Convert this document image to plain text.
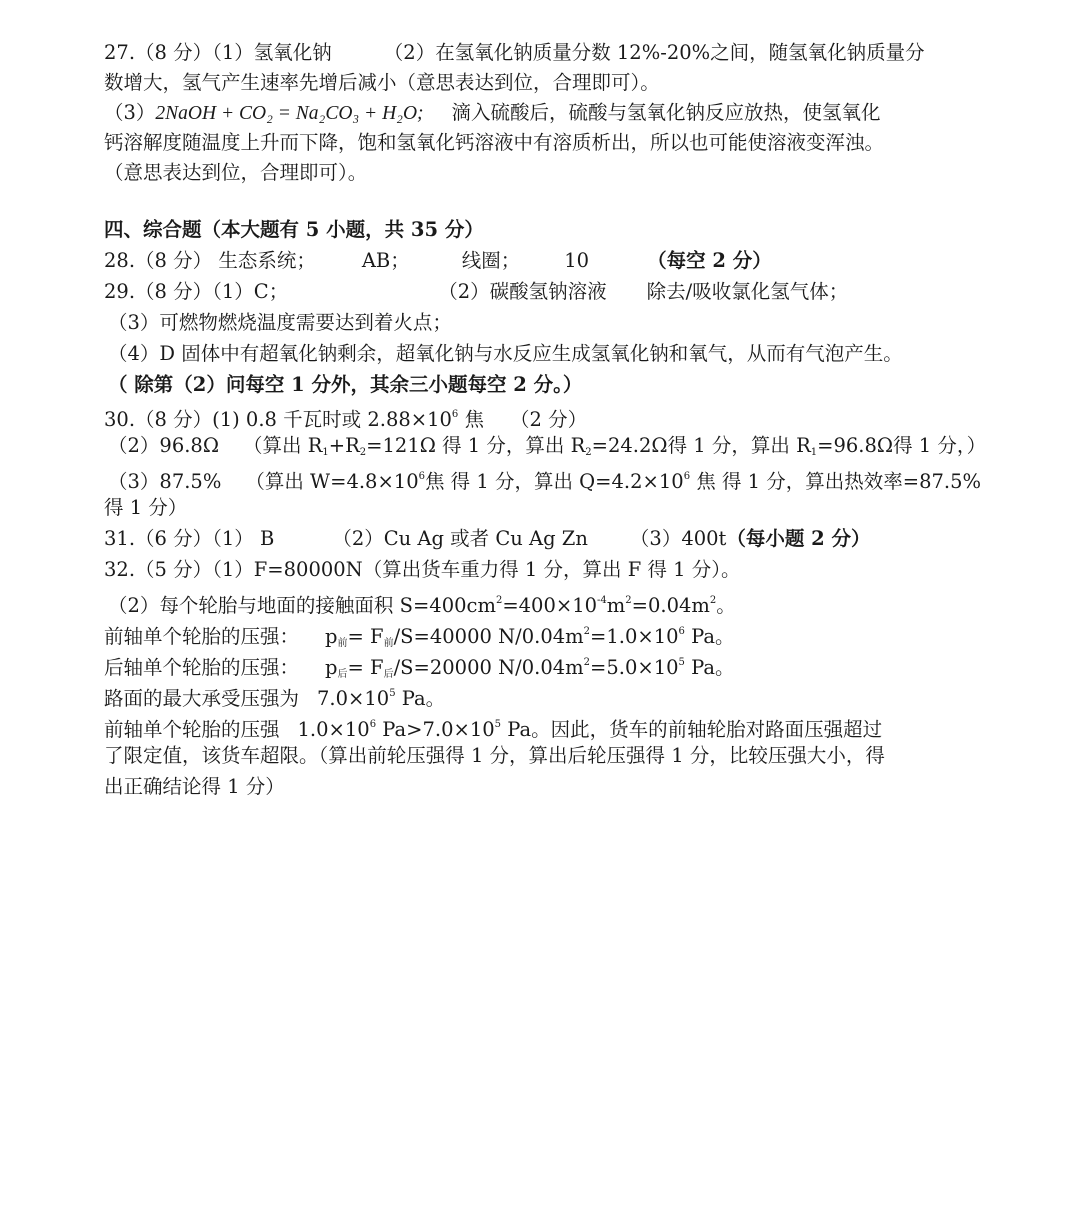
27.（8 分）（1）氢氧化钠	（2）在氢氧化钠质量分数 12%-20%之间，随氢氧化钠质量分
数增大，氢气产生速率先增后减小（意思表达到位，合理即可）。
（3）2NaOH + CO₂ = Na₂CO₃ + H₂O; 滴入硫酸后，硫酸与氢氧化钠反应放热，使氢氧化
钙溶解度随温度上升而下降，饱和氢氧化钙溶液中有溶质析出，所以也可能使溶液变浑浊。
（意思表达到位，合理即可）。
四、综合题（本大题有 5 小题，共 35 分）
28.（8 分） 生态系统； AB；	线圈； 10	（每空 2 分）
29.（8 分）（1）C；	（2）碳酸氢钠溶液 除去/吸收氯化氢气体；
（3）可燃物燃烧温度需要达到着火点；
（4）D 固体中有超氧化钠剩余，超氧化钠与水反应生成氢氧化钠和氧气，从而有气泡产生。
（ 除第（2）问每空 1 分外，其余三小题每空 2 分。）
30.（8 分）(1) 0.8 千瓦时或 $2.88\times 10^6$ 焦 （2 分）
（2）96.8Ω （算出 $R_1+R_2=121\Omega$ 得 1 分，算出 $R_2=24.2\Omega$得 1 分，算出 $R_1=96.8\Omega$得 1 分，）
（3）87.5% （算出 $W=4.8\times 10^6$焦 得 1 分，算出 $Q=4.2\times 10^6$ 焦 得 1 分，算出热效率=87.5%
得 1 分）
31.（6 分）（1） B	（2）Cu Ag 或者 Cu Ag Zn （3）400t（每小题 2 分）
32.（5 分）（1）F=80000N（算出货车重力得 1 分，算出 F 得 1 分）。
（2）每个轮胎与地面的接触面积 $S=400cm^2=400\times 10^{-4}m^2=0.04m^2$。
前轴单个轮胎的压强： $p_前= F_前/S=40000$ $N/0.04m^2=1.0\times 10^6$ Pa。
后轴单个轮胎的压强： $p_后= F_后/S=20000$ $N/0.04m^2=5.0\times 10^5$ Pa。
路面的最大承受压强为 $7.0\times 10^5$ Pa。
前轴单个轮胎的压强 $1.0\times 10^6$ $Pa>7.0\times 10^5$ Pa。因此，货车的前轴轮胎对路面压强超过
了限定值，该货车超限。（算出前轮压强得 1 分，算出后轮压强得 1 分，比较压强大小，得
出正确结论得 1 分）
